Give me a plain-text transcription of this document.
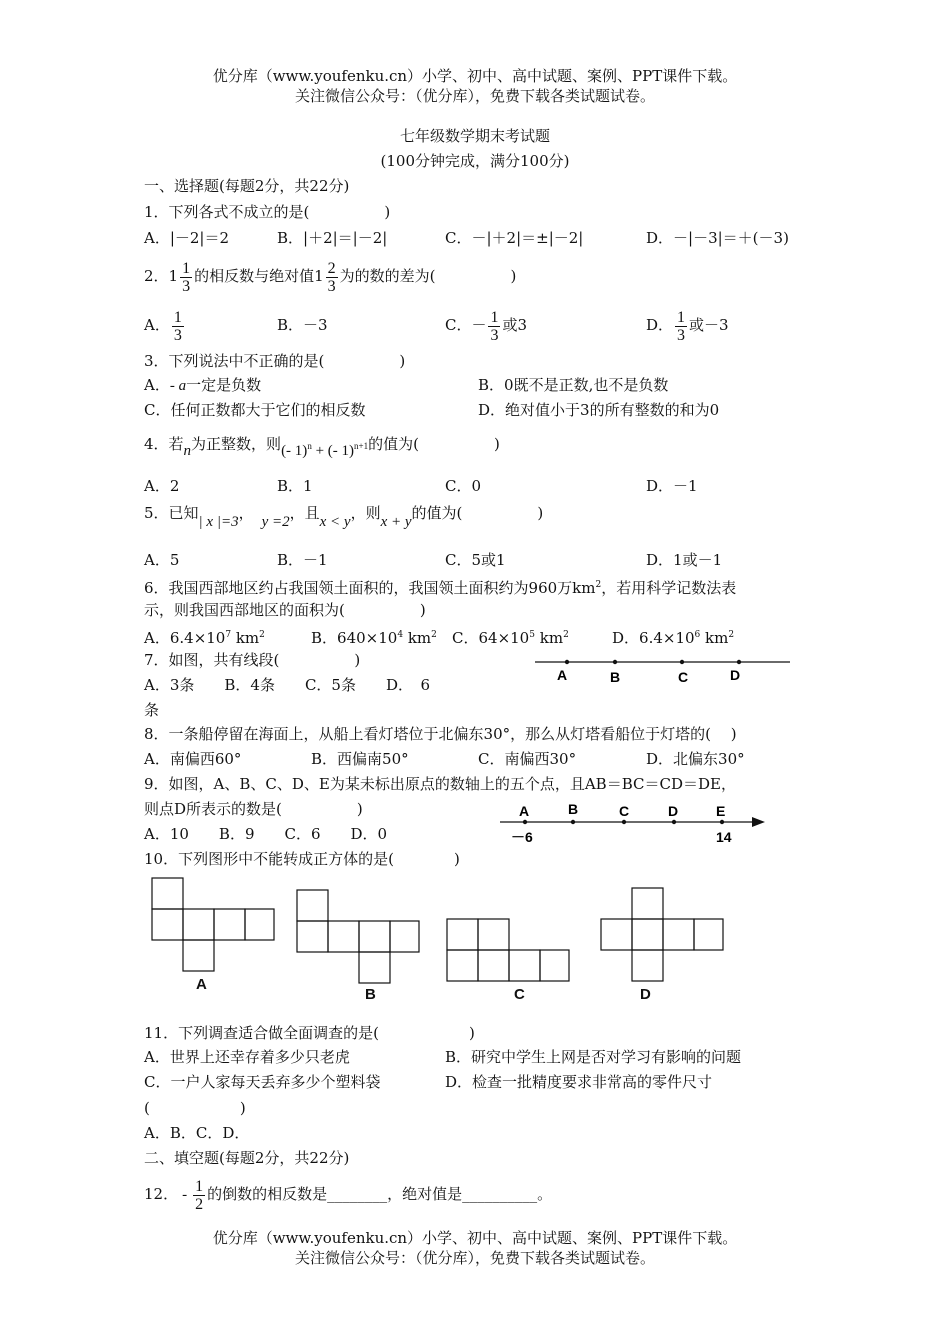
优分库（www.youfenku.cn）小学、初中、高中试题、案例、PPT课件下载。
关注微信公众号：（优分库），免费下载各类试题试卷。
七年级数学期末考试题
(100分钟完成，满分100分)
一、选择题(每题2分，共22分)
1．下列各式不成立的是(　　　　　)
A．|－2|＝2	B．|＋2|＝|－2|	C．－|＋2|＝±|－2|	D．－|－3|＝＋(－3)
2．$1 \frac{1}{3}$ 的相反数与绝对值$1 \frac{2}{3}$ 为的数的差为(　　　　　)
A． $\frac{1}{3}$	B．－3	C．－ $\frac{1}{3}$ 或3	D． $\frac{1}{3}$ 或－3
3．下列说法中不正确的是(　　　　　)
A．- a一定是负数	B．0既不是正数,也不是负数
C．任何正数都大于它们的相反数	D．绝对值小于3的所有整数的和为0
4．若n为正整数，则(- 1)$^n$ + (- 1)$^{n+1}$的值为(　　　　　)
A．2	B．1	C．0	D．－1
5．已知| x |=3， y =2，且x < y，则x + y的值为(　　　　　)
A．5	B．－1	C．5或1	D．1或－1
6．我国西部地区约占我国领土面积的，我国领土面积约为960万$km^2$，若用科学记数法表
示，则我国西部地区的面积为(　　　　　)
A．$6.4\times 10^7$ $km^2$	B．$640\times 10^4$ $km^2$ C．$64\times 10^5$ $km^2$	D．$6.4\times 10^6$ $km^2$
7．如图，共有线段(　　　　　)
A．3条　　B．4条　　C．5条　　D．　6
条
A	B	C	D
8．一条船停留在海面上，从船上看灯塔位于北偏东30°，那么从灯塔看船位于灯塔的(　 )
A．南偏西60°	B．西偏南50°	C．南偏西30°	D．北偏东30°
9．如图，A、B、C、D、E为某未标出原点的数轴上的五个点，且AB＝BC＝CD＝DE，
则点D所表示的数是(　　　　　)
A．10　　B．9　　C．6　　D．0
A	B	C	D	E
－6	14
10．下列图形中不能转成正方体的是(　　　　)
A
B	C	D
11．下列调查适合做全面调查的是(　　　　　　)
A．世界上还幸存着多少只老虎	B．研究中学生上网是否对学习有影响的问题
C．一户人家每天丢弃多少个塑料袋	D．检查一批精度要求非常高的零件尺寸
(　　　　　　)
A．B．C．D．
二、填空题(每题2分，共22分)
12． - $\frac{1}{2}$ 的倒数的相反数是________，绝对值是__________。
优分库（www.youfenku.cn）小学、初中、高中试题、案例、PPT课件下载。
关注微信公众号：（优分库），免费下载各类试题试卷。
